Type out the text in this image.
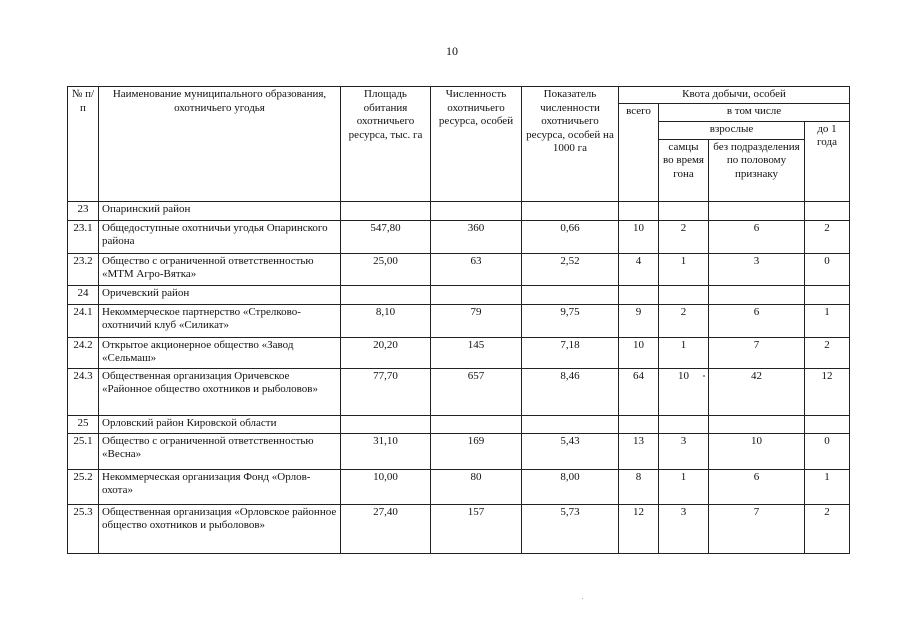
10
№ п/п	Наименование муниципального образования, охотничьего угодья	Площадь обитания охотничьего ресурса, тыс. га	Численность охотничьего ресурса, особей	Показатель численности охотничьего ресурса, особей на 1000 га	Квота добычи, особей			
					всего	в том числе		
						взрослые		до 1 года
						самцы во время гона	без подразделения по половому признаку	
23	Опаринский район							
23.1	Общедоступные охотничьи угодья Опаринского района	547,80	360	0,66	10	2	6	2
23.2	Общество с ограниченной ответственностью «МТМ Агро-Вятка»	25,00	63	2,52	4	1	3	0
24	Оричевский район							
24.1	Некоммерческое партнерство «Стрелково-охотничий клуб «Силикат»	8,10	79	9,75	9	2	6	1
24.2	Открытое акционерное общество «Завод «Сельмаш»	20,20	145	7,18	10	1	7	2
24.3	Общественная организация Оричевское «Районное общество охотников и рыболовов»	77,70	657	8,46	64	10	42	12
25	Орловский район Кировской области							
25.1	Общество с ограниченной ответственностью «Весна»	31,10	169	5,43	13	3	10	0
25.2	Некоммерческая организация Фонд «Орлов-охота»	10,00	80	8,00	8	1	6	1
25.3	Общественная организация «Орловское районное общество охотников и рыболовов»	27,40	157	5,73	12	3	7	2
